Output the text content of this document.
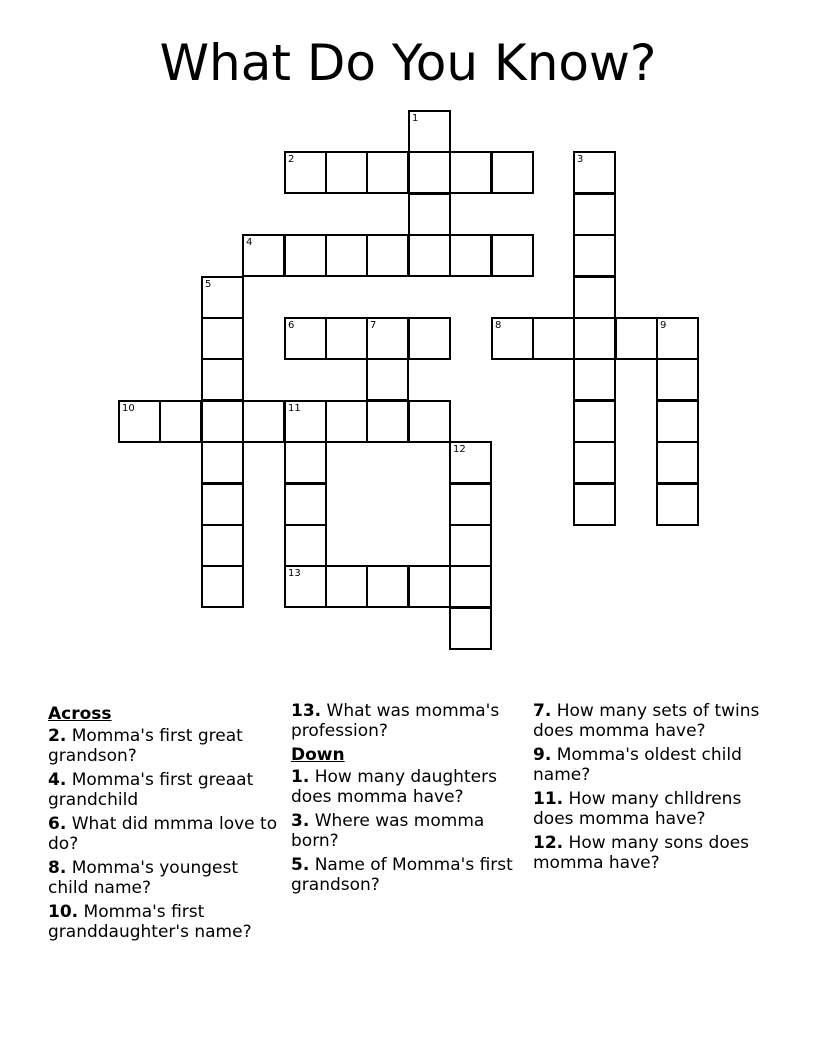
What Do You Know?
1
2	3
4
5
6	7	8	9
10	11
12
13
Across
2. Momma's first great grandson?
4. Momma's first greaat grandchild
6. What did mmma love to do?
8. Momma's youngest child name?
10. Momma's first granddaughter's name?
13. What was momma's profession?
Down
1. How many daughters does momma have?
3. Where was momma born?
5. Name of Momma's first grandson?
7. How many sets of twins does momma have?
9. Momma's oldest child name?
11. How many chlldrens does momma have?
12. How many sons does momma have?
